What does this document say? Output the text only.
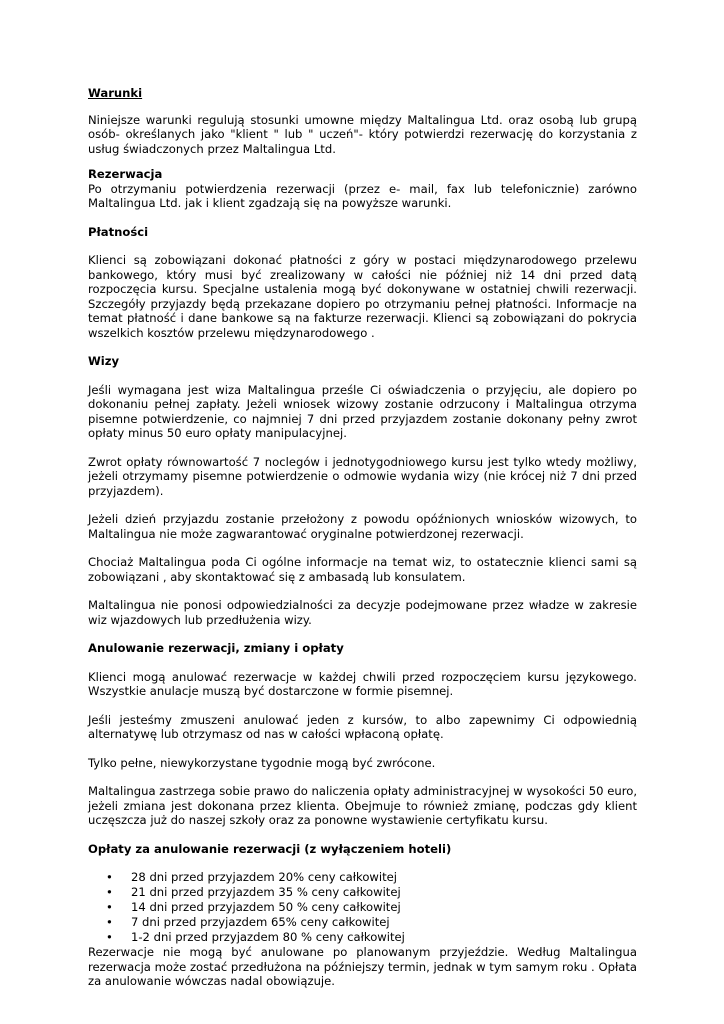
Warunki

Niniejsze warunki regulują stosunki umowne między Maltalingua Ltd. oraz osobą lub grupą osób- określanych jako "klient " lub " uczeń"- który potwierdzi rezerwację do korzystania z usług świadczonych przez Maltalingua Ltd.

Rezerwacja

Po otrzymaniu potwierdzenia rezerwacji (przez e- mail, fax lub telefonicznie) zarówno Maltalingua Ltd. jak i klient zgadzają się na powyższe warunki.

Płatności

Klienci są zobowiązani dokonać płatności z góry w postaci międzynarodowego przelewu bankowego, który musi być zrealizowany w całości nie później niż 14 dni przed datą rozpoczęcia kursu. Specjalne ustalenia mogą być dokonywane w ostatniej chwili rezerwacji. Szczegóły przyjazdy będą przekazane dopiero po otrzymaniu pełnej płatności. Informacje na temat płatność i dane bankowe są na fakturze rezerwacji. Klienci są zobowiązani do pokrycia wszelkich kosztów przelewu międzynarodowego .

Wizy

Jeśli wymagana jest wiza Maltalingua prześle Ci oświadczenia o przyjęciu, ale dopiero po dokonaniu pełnej zapłaty. Jeżeli wniosek wizowy zostanie odrzucony i Maltalingua otrzyma pisemne potwierdzenie, co najmniej 7 dni przed przyjazdem zostanie dokonany pełny zwrot opłaty minus 50 euro opłaty manipulacyjnej.

Zwrot opłaty równowartość 7 noclegów i jednotygodniowego kursu jest tylko wtedy możliwy, jeżeli otrzymamy pisemne potwierdzenie o odmowie wydania wizy (nie krócej niż 7 dni przed przyjazdem).

Jeżeli dzień przyjazdu zostanie przełożony z powodu opóźnionych wniosków wizowych, to Maltalingua nie może zagwarantować oryginalne potwierdzonej rezerwacji.

Chociaż Maltalingua poda Ci ogólne informacje na temat wiz, to ostatecznie klienci sami są zobowiązani , aby skontaktować się z ambasadą lub konsulatem.

Maltalingua nie ponosi odpowiedzialności za decyzje podejmowane przez władze w zakresie wiz wjazdowych lub przedłużenia wizy.

Anulowanie rezerwacji, zmiany i opłaty

Klienci mogą anulować rezerwacje w każdej chwili przed rozpoczęciem kursu językowego. Wszystkie anulacje muszą być dostarczone w formie pisemnej.

Jeśli jesteśmy zmuszeni anulować jeden z kursów, to albo zapewnimy Ci odpowiednią alternatywę lub otrzymasz od nas w całości wpłaconą opłatę.

Tylko pełne, niewykorzystane tygodnie mogą być zwrócone.

Maltalingua zastrzega sobie prawo do naliczenia opłaty administracyjnej w wysokości 50 euro, jeżeli zmiana jest dokonana przez klienta. Obejmuje to również zmianę, podczas gdy klient uczęszcza już do naszej szkoły oraz za ponowne wystawienie certyfikatu kursu.

Opłaty za anulowanie rezerwacji (z wyłączeniem hoteli)

• 28 dni przed przyjazdem 20% ceny całkowitej
• 21 dni przed przyjazdem 35 % ceny całkowitej
• 14 dni przed przyjazdem 50 % ceny całkowitej
• 7 dni przed przyjazdem 65% ceny całkowitej
• 1-2 dni przed przyjazdem 80 % ceny całkowitej

Rezerwacje nie mogą być anulowane po planowanym przyjeździe. Według Maltalingua rezerwacja może zostać przedłużona na późniejszy termin, jednak w tym samym roku . Opłata za anulowanie wówczas nadal obowiązuje.
